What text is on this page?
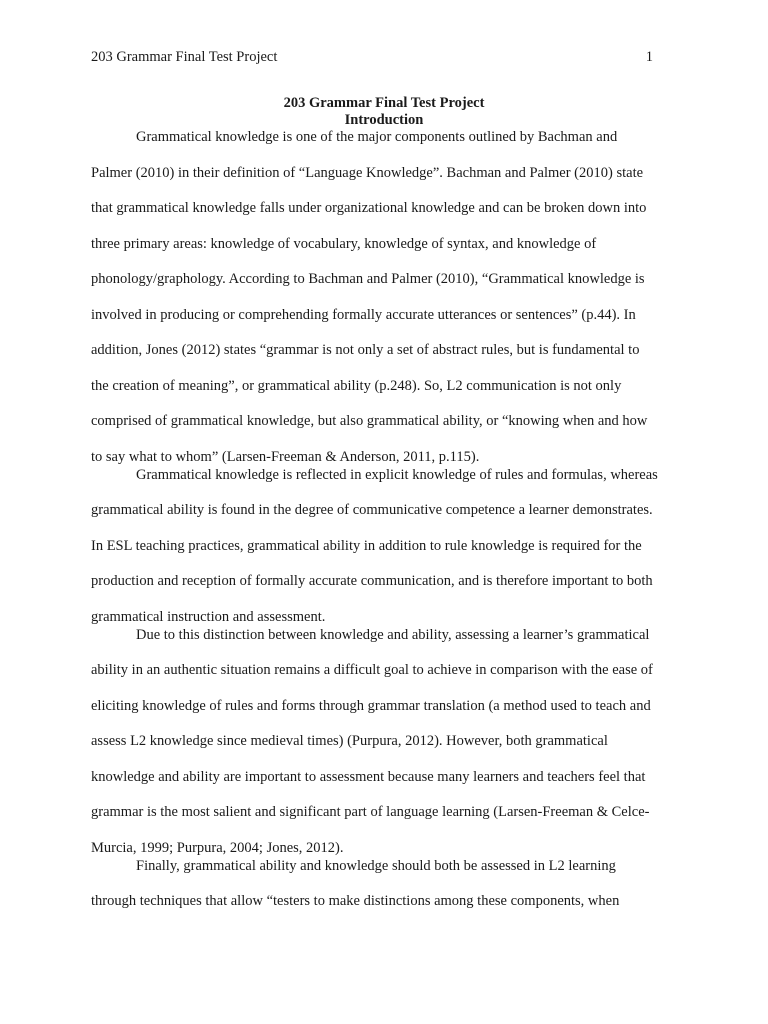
203 Grammar Final Test Project	1
203 Grammar Final Test Project
Introduction
Grammatical knowledge is one of the major components outlined by Bachman and
Palmer (2010) in their definition of “Language Knowledge”. Bachman and Palmer (2010) state
that grammatical knowledge falls under organizational knowledge and can be broken down into
three primary areas: knowledge of vocabulary, knowledge of syntax, and knowledge of
phonology/graphology. According to Bachman and Palmer (2010), “Grammatical knowledge is
involved in producing or comprehending formally accurate utterances or sentences” (p.44). In
addition, Jones (2012) states “grammar is not only a set of abstract rules, but is fundamental to
the creation of meaning”, or grammatical ability (p.248). So, L2 communication is not only
comprised of grammatical knowledge, but also grammatical ability, or “knowing when and how
to say what to whom” (Larsen-Freeman & Anderson, 2011, p.115).
Grammatical knowledge is reflected in explicit knowledge of rules and formulas, whereas
grammatical ability is found in the degree of communicative competence a learner demonstrates.
In ESL teaching practices, grammatical ability in addition to rule knowledge is required for the
production and reception of formally accurate communication, and is therefore important to both
grammatical instruction and assessment.
Due to this distinction between knowledge and ability, assessing a learner’s grammatical
ability in an authentic situation remains a difficult goal to achieve in comparison with the ease of
eliciting knowledge of rules and forms through grammar translation (a method used to teach and
assess L2 knowledge since medieval times) (Purpura, 2012). However, both grammatical
knowledge and ability are important to assessment because many learners and teachers feel that
grammar is the most salient and significant part of language learning (Larsen-Freeman & Celce-
Murcia, 1999; Purpura, 2004; Jones, 2012).
Finally, grammatical ability and knowledge should both be assessed in L2 learning
through techniques that allow “testers to make distinctions among these components, when
